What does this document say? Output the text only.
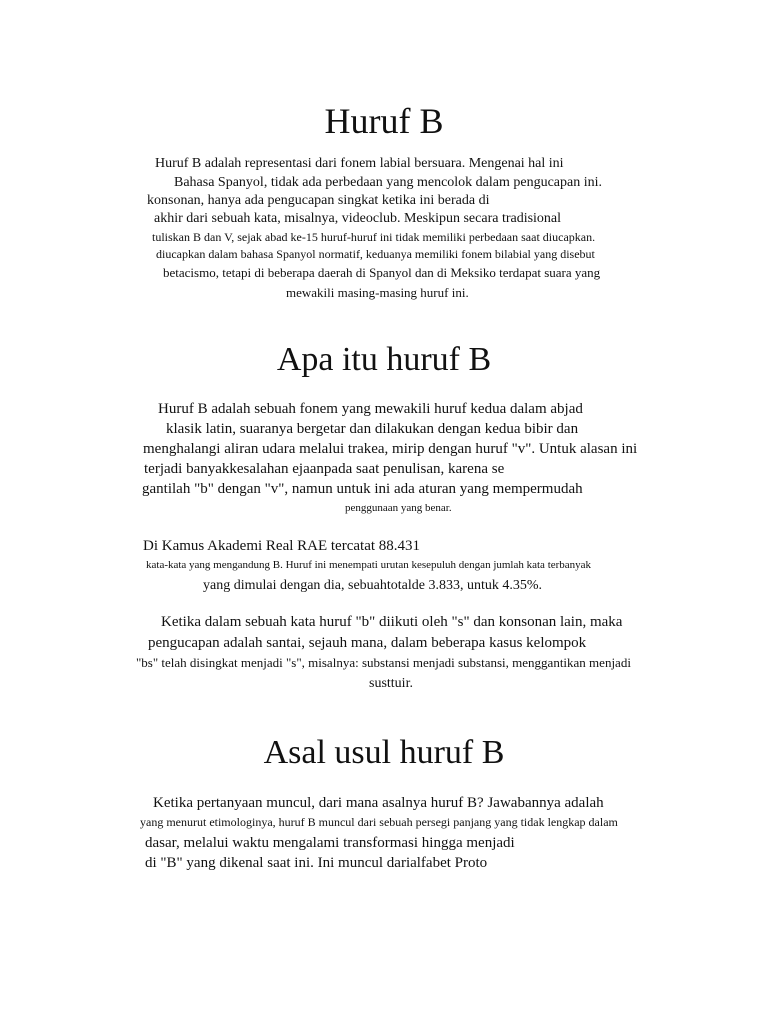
Huruf B
Huruf B adalah representasi dari fonem labial bersuara. Mengenai hal ini
Bahasa Spanyol, tidak ada perbedaan yang mencolok dalam pengucapan ini.
konsonan, hanya ada pengucapan singkat ketika ini berada di
akhir dari sebuah kata, misalnya, videoclub. Meskipun secara tradisional
tuliskan B dan V, sejak abad ke-15 huruf-huruf ini tidak memiliki perbedaan saat diucapkan.
diucapkan dalam bahasa Spanyol normatif, keduanya memiliki fonem bilabial yang disebut
betacismo, tetapi di beberapa daerah di Spanyol dan di Meksiko terdapat suara yang
mewakili masing-masing huruf ini.
Apa itu huruf B
Huruf B adalah sebuah fonem yang mewakili huruf kedua dalam abjad
klasik latin, suaranya bergetar dan dilakukan dengan kedua bibir dan
menghalangi aliran udara melalui trakea, mirip dengan huruf "v". Untuk alasan ini
terjadi banyakkesalahan ejaanpada saat penulisan, karena se
gantilah "b" dengan "v", namun untuk ini ada aturan yang mempermudah
penggunaan yang benar.
Di Kamus Akademi Real RAE tercatat 88.431
kata-kata yang mengandung B. Huruf ini menempati urutan kesepuluh dengan jumlah kata terbanyak
yang dimulai dengan dia, sebuahtotalde 3.833, untuk 4.35%.
Ketika dalam sebuah kata huruf "b" diikuti oleh "s" dan konsonan lain, maka
pengucapan adalah santai, sejauh mana, dalam beberapa kasus kelompok
"bs" telah disingkat menjadi "s", misalnya: substansi menjadi substansi, menggantikan menjadi
susttuir.
Asal usul huruf B
Ketika pertanyaan muncul, dari mana asalnya huruf B? Jawabannya adalah
yang menurut etimologinya, huruf B muncul dari sebuah persegi panjang yang tidak lengkap dalam
dasar, melalui waktu mengalami transformasi hingga menjadi
di "B" yang dikenal saat ini. Ini muncul darialfabet Proto
